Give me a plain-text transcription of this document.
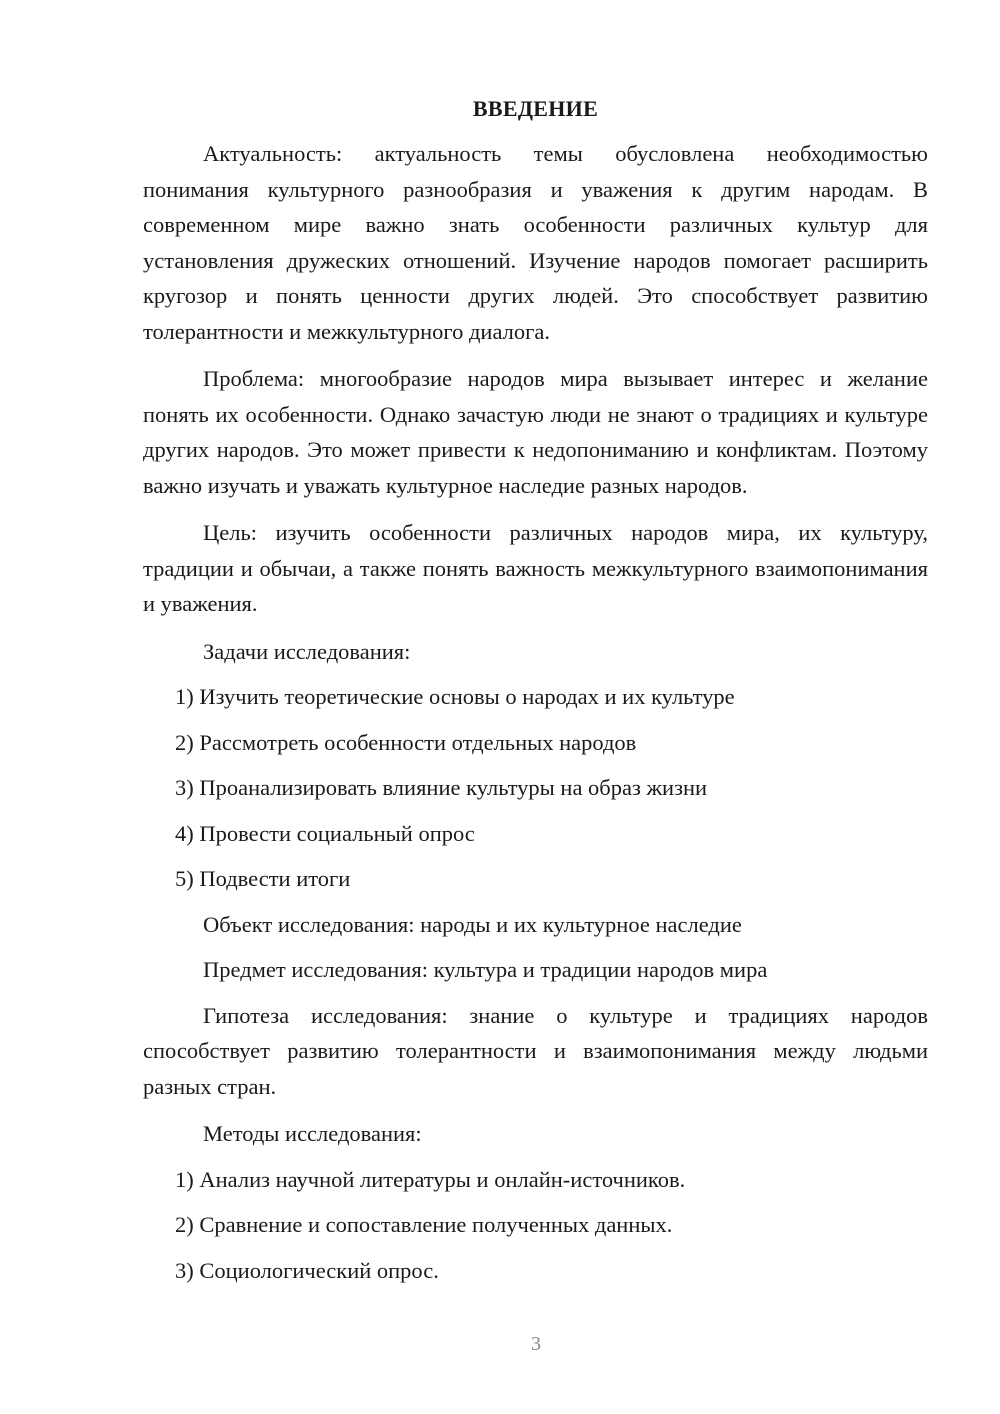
ВВЕДЕНИЕ

Актуальность: актуальность темы обусловлена необходимостью понимания культурного разнообразия и уважения к другим народам. В современном мире важно знать особенности различных культур для установления дружеских отношений. Изучение народов помогает расширить кругозор и понять ценности других людей. Это способствует развитию толерантности и межкультурного диалога.

Проблема: многообразие народов мира вызывает интерес и желание понять их особенности. Однако зачастую люди не знают о традициях и культуре других народов. Это может привести к недопониманию и конфликтам. Поэтому важно изучать и уважать культурное наследие разных народов.

Цель: изучить особенности различных народов мира, их культуру, традиции и обычаи, а также понять важность межкультурного взаимопонимания и уважения.

Задачи исследования:

1) Изучить теоретические основы о народах и их культуре

2) Рассмотреть особенности отдельных народов

3) Проанализировать влияние культуры на образ жизни

4) Провести социальный опрос

5) Подвести итоги

Объект исследования: народы и их культурное наследие

Предмет исследования: культура и традиции народов мира

Гипотеза исследования: знание о культуре и традициях народов способствует развитию толерантности и взаимопонимания между людьми разных стран.

Методы исследования:

1) Анализ научной литературы и онлайн-источников.

2) Сравнение и сопоставление полученных данных.

3) Социологический опрос.

3
